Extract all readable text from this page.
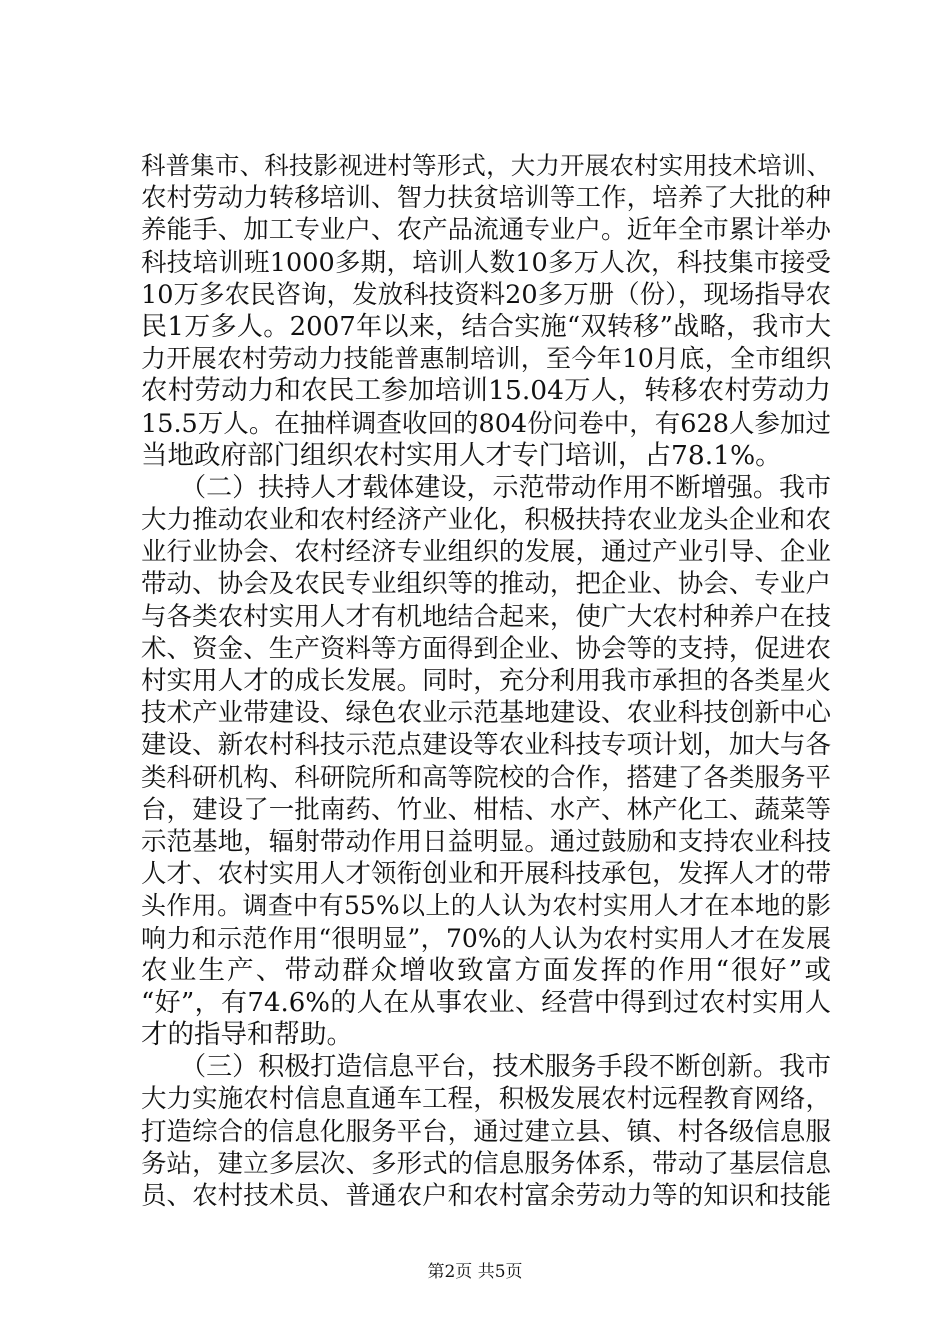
科普集市、科技影视进村等形式，大力开展农村实用技术培训、
农村劳动力转移培训、智力扶贫培训等工作，培养了大批的种
养能手、加工专业户、农产品流通专业户。近年全市累计举办
科技培训班1000多期，培训人数10多万人次，科技集市接受
10万多农民咨询，发放科技资料20多万册（份），现场指导农
民1万多人。2007年以来，结合实施“双转移”战略，我市大
力开展农村劳动力技能普惠制培训，至今年10月底，全市组织
农村劳动力和农民工参加培训15.04万人，转移农村劳动力
15.5万人。在抽样调查收回的804份问卷中，有628人参加过
当地政府部门组织农村实用人才专门培训，占78.1%。
　　（二）扶持人才载体建设，示范带动作用不断增强。我市
大力推动农业和农村经济产业化，积极扶持农业龙头企业和农
业行业协会、农村经济专业组织的发展，通过产业引导、企业
带动、协会及农民专业组织等的推动，把企业、协会、专业户
与各类农村实用人才有机地结合起来，使广大农村种养户在技
术、资金、生产资料等方面得到企业、协会等的支持，促进农
村实用人才的成长发展。同时，充分利用我市承担的各类星火
技术产业带建设、绿色农业示范基地建设、农业科技创新中心
建设、新农村科技示范点建设等农业科技专项计划，加大与各
类科研机构、科研院所和高等院校的合作，搭建了各类服务平
台，建设了一批南药、竹业、柑桔、水产、林产化工、蔬菜等
示范基地，辐射带动作用日益明显。通过鼓励和支持农业科技
人才、农村实用人才领衔创业和开展科技承包，发挥人才的带
头作用。调查中有55%以上的人认为农村实用人才在本地的影
响力和示范作用“很明显”，70%的人认为农村实用人才在发展
农业生产、带动群众增收致富方面发挥的作用“很好”或
“好”，有74.6%的人在从事农业、经营中得到过农村实用人
才的指导和帮助。
　　（三）积极打造信息平台，技术服务手段不断创新。我市
大力实施农村信息直通车工程，积极发展农村远程教育网络，
打造综合的信息化服务平台，通过建立县、镇、村各级信息服
务站，建立多层次、多形式的信息服务体系，带动了基层信息
员、农村技术员、普通农户和农村富余劳动力等的知识和技能
第2页 共5页
